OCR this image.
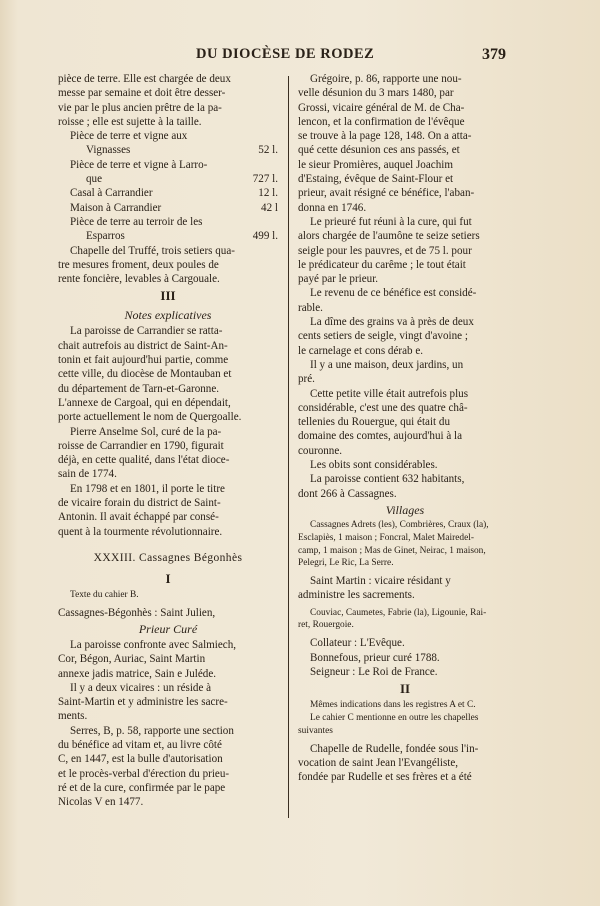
DU DIOCÈSE DE RODEZ	379
pièce de terre. Elle est chargée de deux
messe par semaine et doit être desser-
vie par le plus ancien prêtre de la pa-
roisse ; elle est sujette à la taille.
Pièce de terre et vigne aux
Vignasses	52 l.
Pièce de terre et vigne à Larro-
que	727 l.
Casal à Carrandier	12 l.
Maison à Carrandier	42 l
Pièce de terre au terroir de les
Esparros	499 l.
Chapelle del Truffé, trois setiers qua-
tre mesures froment, deux poules de
rente foncière, levables à Cargouale.
III
Notes explicatives
La paroisse de Carrandier se ratta-
chait autrefois au district de Saint-An-
tonin et fait aujourd'hui partie, comme
cette ville, du diocèse de Montauban et
du département de Tarn-et-Garonne.
L'annexe de Cargoal, qui en dépendait,
porte actuellement le nom de Quergoalle.
Pierre Anselme Sol, curé de la pa-
roisse de Carrandier en 1790, figurait
déjà, en cette qualité, dans l'état dioce-
sain de 1774.
En 1798 et en 1801, il porte le titre
de vicaire forain du district de Saint-
Antonin. Il avait échappé par consé-
quent à la tourmente révolutionnaire.
XXXIII. Cassagnes Bégonhès
I
Texte du cahier B.
Cassagnes-Bégonhès : Saint Julien,
Prieur Curé
La paroisse confronte avec Salmiech,
Cor, Bégon, Auriac, Saint Martin
annexe jadis matrice, Sain e Juléde.
Il y a deux vicaires : un réside à
Saint-Martin et y administre les sacre-
ments.
Serres, B, p. 58, rapporte une section
du bénéfice ad vitam et, au livre côté
C, en 1447, est la bulle d'autorisation
et le procès-verbal d'érection du prieu-
ré et de la cure, confirmée par le pape
Nicolas V en 1477.
Grégoire, p. 86, rapporte une nou-
velle désunion du 3 mars 1480, par
Grossi, vicaire général de M. de Cha-
lencon, et la confirmation de l'évêque
se trouve à la page 128, 148. On a atta-
qué cette désunion ces ans passés, et
le sieur Promières, auquel Joachim
d'Estaing, évêque de Saint-Flour et
prieur, avait résigné ce bénéfice, l'aban-
donna en 1746.
Le prieuré fut réuni à la cure, qui fut
alors chargée de l'aumône te seize setiers
seigle pour les pauvres, et de 75 l. pour
le prédicateur du carême ; le tout était
payé par le prieur.
Le revenu de ce bénéfice est considé-
rable.
La dîme des grains va à près de deux
cents setiers de seigle, vingt d'avoine ;
le carnelage et cons dérab e.
Il y a une maison, deux jardins, un
pré.
Cette petite ville était autrefois plus
considérable, c'est une des quatre châ-
tellenies du Rouergue, qui était du
domaine des comtes, aujourd'hui à la
couronne.
Les obits sont considérables.
La paroisse contient 632 habitants,
dont 266 à Cassagnes.
Villages
Cassagnes Adrets (les), Combrières, Craux (la),
Esclapiès, 1 maison ; Foncral, Malet Mairedel-
camp, 1 maison ; Mas de Ginet, Neirac, 1 maison,
Pelegri, Le Ric, La Serre.
Saint Martin : vicaire résidant y
administre les sacrements.
Couviac, Caumetes, Fabrie (la), Ligounie, Rai-
ret, Rouergoie.
Collateur : L'Evêque.
Bonnefous, prieur curé 1788.
Seigneur : Le Roi de France.
II
Mêmes indications dans les registres A et C.
Le cahier C mentionne en outre les chapelles
suivantes
Chapelle de Rudelle, fondée sous l'in-
vocation de saint Jean l'Evangéliste,
fondée par Rudelle et ses frères et a été
